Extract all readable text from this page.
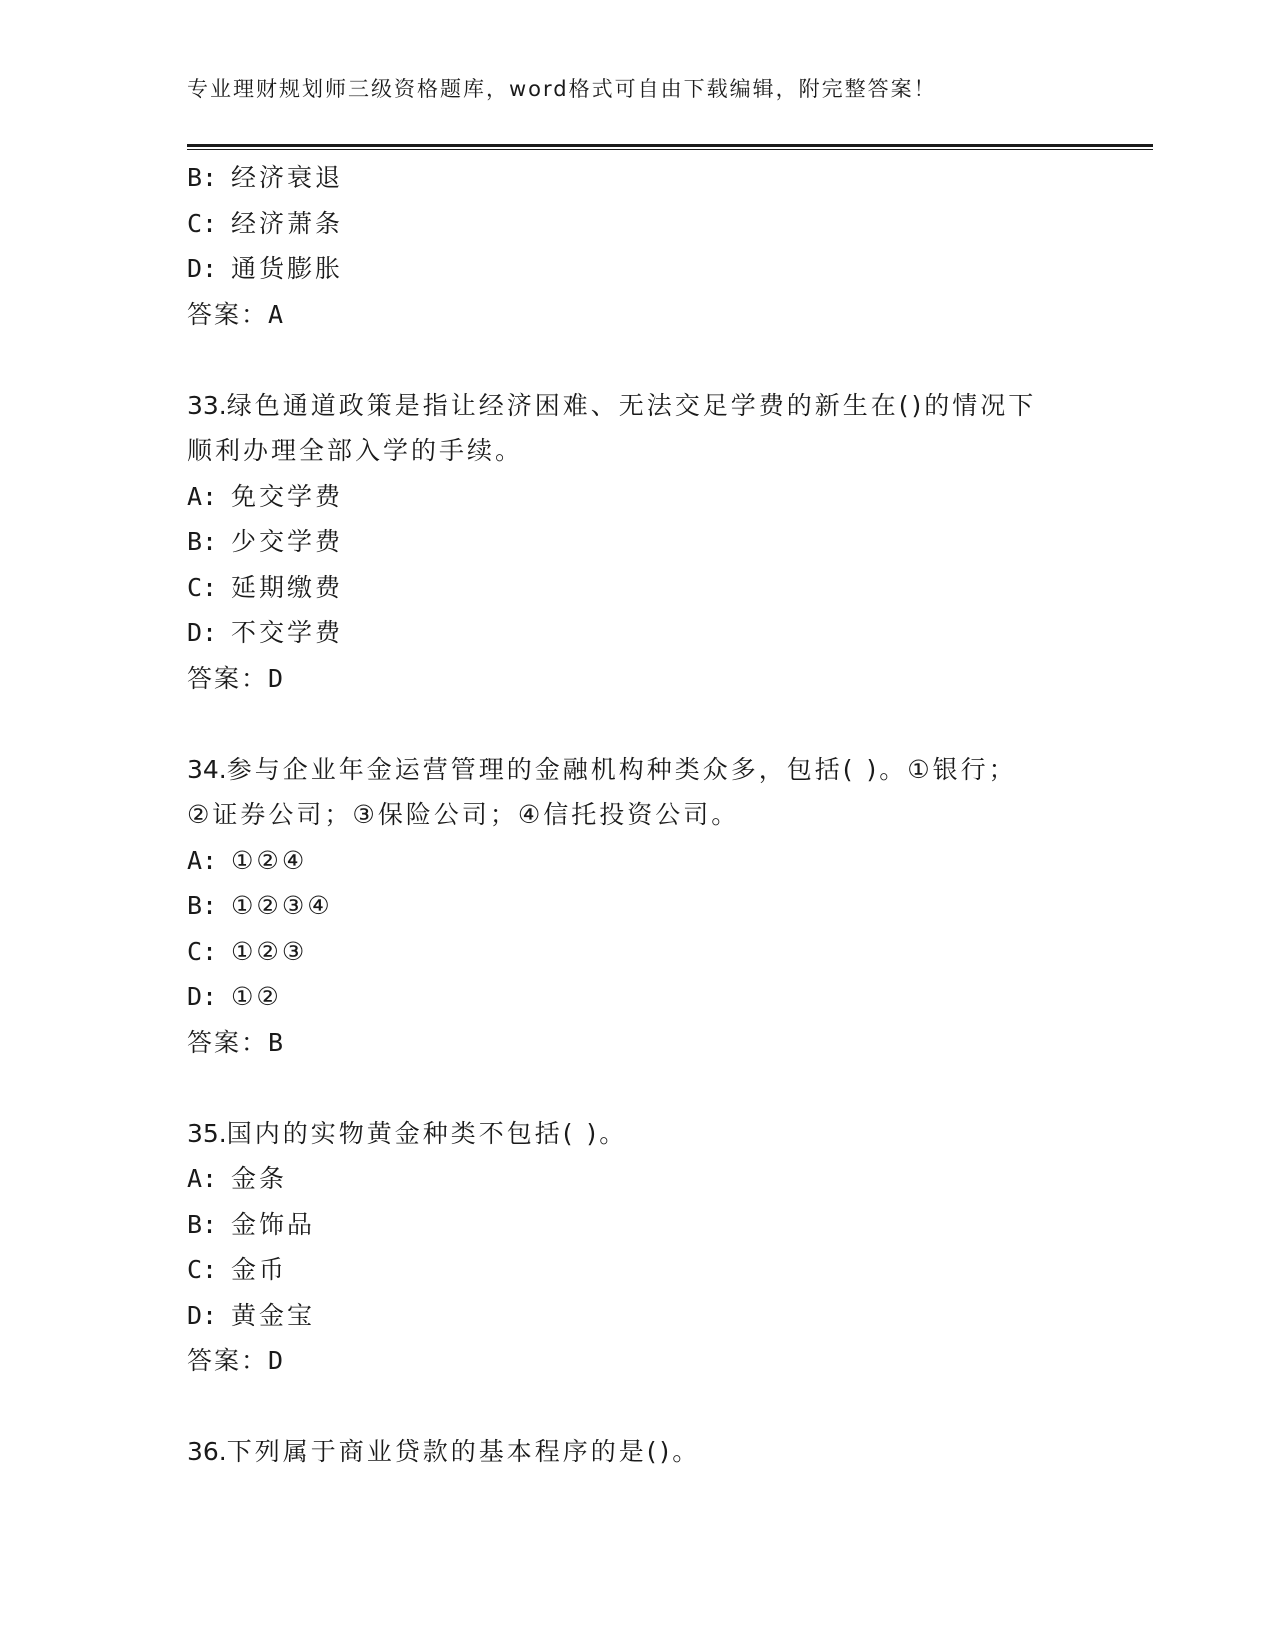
专业理财规划师三级资格题库，word格式可自由下载编辑，附完整答案！
B: 经济衰退
C: 经济萧条
D: 通货膨胀
答案：A
33.绿色通道政策是指让经济困难、无法交足学费的新生在()的情况下
顺利办理全部入学的手续。
A: 免交学费
B: 少交学费
C: 延期缴费
D: 不交学费
答案：D
34.参与企业年金运营管理的金融机构种类众多，包括( )。①银行；
②证券公司；③保险公司；④信托投资公司。
A: ①②④
B: ①②③④
C: ①②③
D: ①②
答案：B
35.国内的实物黄金种类不包括( )。
A: 金条
B: 金饰品
C: 金币
D: 黄金宝
答案：D
36.下列属于商业贷款的基本程序的是()。
